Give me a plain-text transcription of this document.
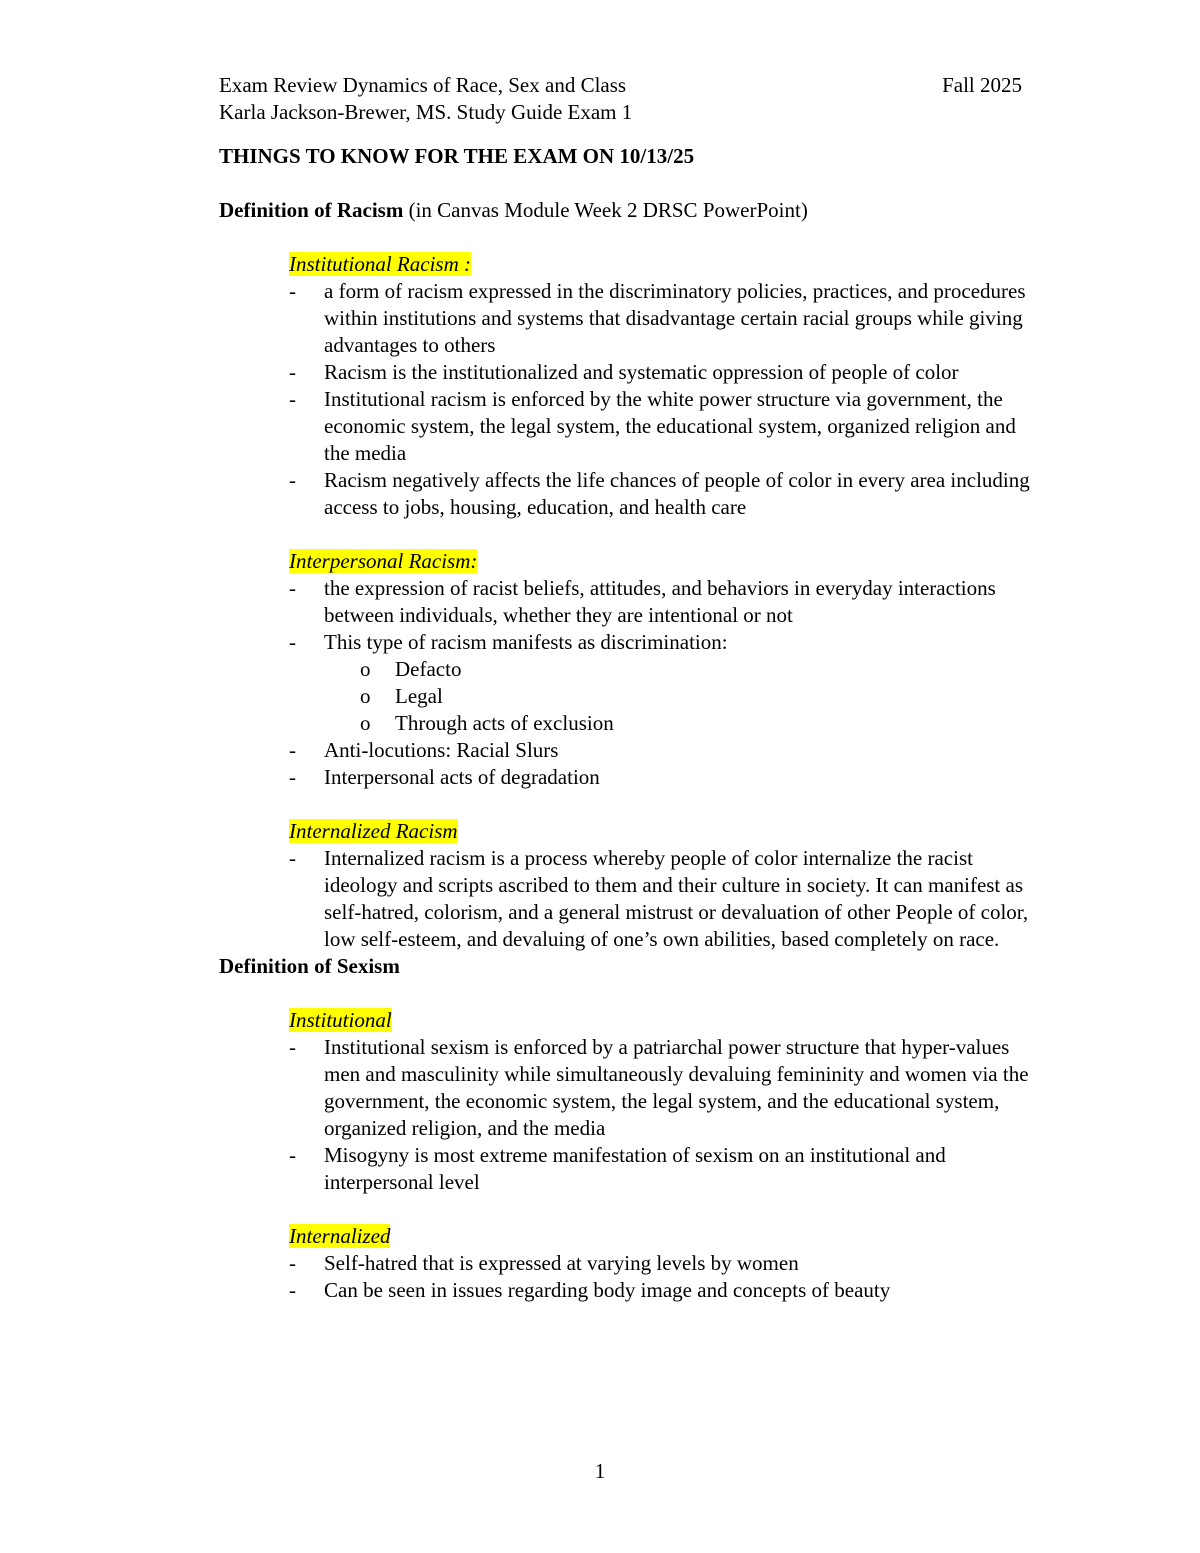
Exam Review Dynamics of Race, Sex and Class	Fall 2025
Karla Jackson-Brewer, MS. Study Guide Exam 1
THINGS TO KNOW FOR THE EXAM ON 10/13/25
Definition of Racism (in Canvas Module Week 2 DRSC PowerPoint)
Institutional Racism :
- a form of racism expressed in the discriminatory policies, practices, and procedures within institutions and systems that disadvantage certain racial groups while giving advantages to others
- Racism is the institutionalized and systematic oppression of people of color
- Institutional racism is enforced by the white power structure via government, the economic system, the legal system, the educational system, organized religion and the media
- Racism negatively affects the life chances of people of color in every area including access to jobs, housing, education, and health care
Interpersonal Racism:
- the expression of racist beliefs, attitudes, and behaviors in everyday interactions between individuals, whether they are intentional or not
- This type of racism manifests as discrimination:
o Defacto
o Legal
o Through acts of exclusion
- Anti-locutions: Racial Slurs
- Interpersonal acts of degradation
Internalized Racism
- Internalized racism is a process whereby people of color internalize the racist ideology and scripts ascribed to them and their culture in society. It can manifest as self-hatred, colorism, and a general mistrust or devaluation of other People of color, low self-esteem, and devaluing of one’s own abilities, based completely on race.
Definition of Sexism
Institutional
- Institutional sexism is enforced by a patriarchal power structure that hyper-values men and masculinity while simultaneously devaluing femininity and women via the government, the economic system, the legal system, and the educational system, organized religion, and the media
- Misogyny is most extreme manifestation of sexism on an institutional and interpersonal level
Internalized
- Self-hatred that is expressed at varying levels by women
- Can be seen in issues regarding body image and concepts of beauty
1
